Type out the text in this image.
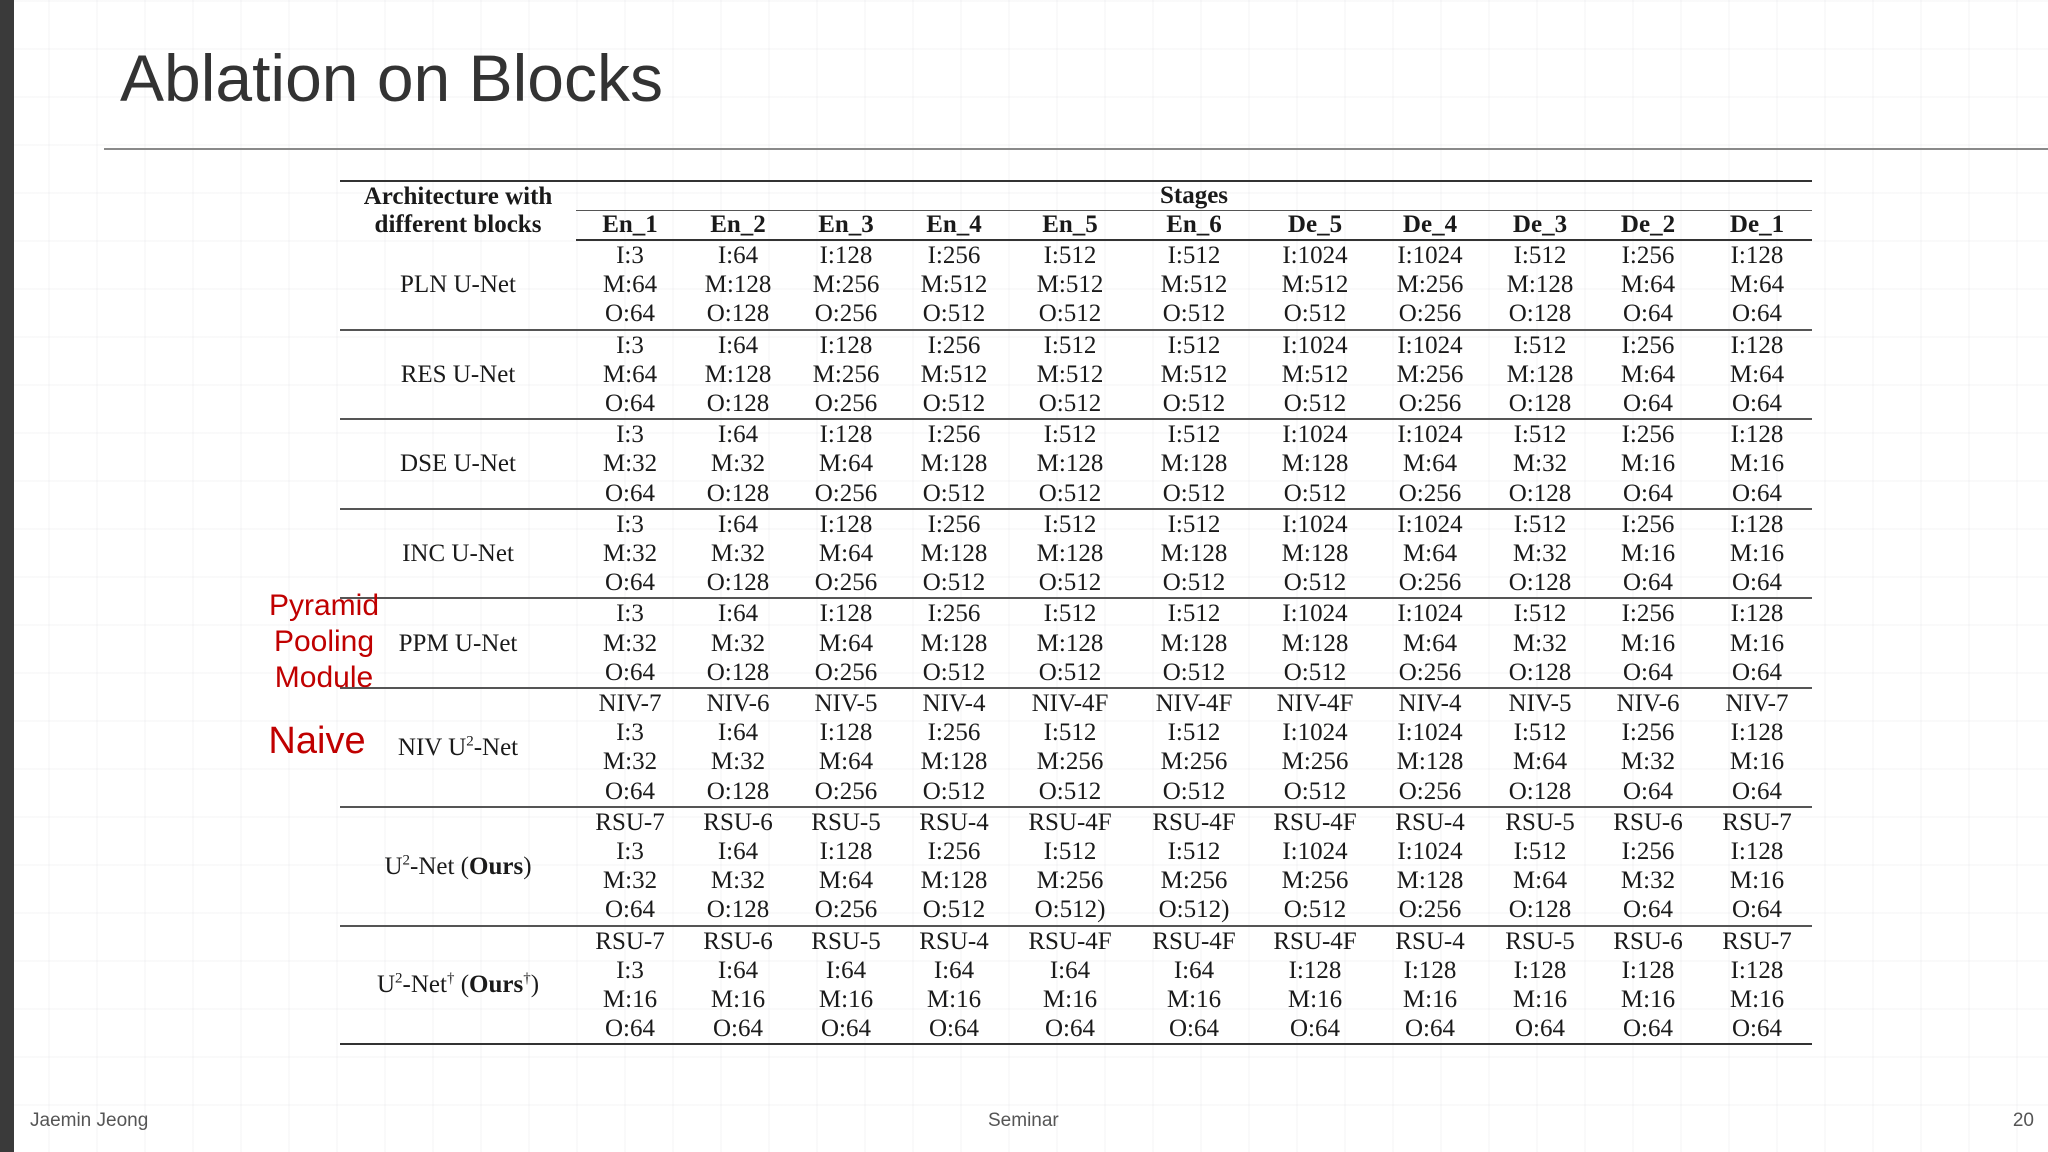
Ablation on Blocks
Architecture with
different blocks	Stages										
	En_1	En_2	En_3	En_4	En_5	En_6	De_5	De_4	De_3	De_2	De_1
PLN U-Net	I:3
M:64
O:64	I:64
M:128
O:128	I:128
M:256
O:256	I:256
M:512
O:512	I:512
M:512
O:512	I:512
M:512
O:512	I:1024
M:512
O:512	I:1024
M:256
O:256	I:512
M:128
O:128	I:256
M:64
O:64	I:128
M:64
O:64

RES U-Net	I:3
M:64
O:64	I:64
M:128
O:128	I:128
M:256
O:256	I:256
M:512
O:512	I:512
M:512
O:512	I:512
M:512
O:512	I:1024
M:512
O:512	I:1024
M:256
O:256	I:512
M:128
O:128	I:256
M:64
O:64	I:128
M:64
O:64

DSE U-Net	I:3
M:32
O:64	I:64
M:32
O:128	I:128
M:64
O:256	I:256
M:128
O:512	I:512
M:128
O:512	I:512
M:128
O:512	I:1024
M:128
O:512	I:1024
M:64
O:256	I:512
M:32
O:128	I:256
M:16
O:64	I:128
M:16
O:64

INC U-Net	I:3
M:32
O:64	I:64
M:32
O:128	I:128
M:64
O:256	I:256
M:128
O:512	I:512
M:128
O:512	I:512
M:128
O:512	I:1024
M:128
O:512	I:1024
M:64
O:256	I:512
M:32
O:128	I:256
M:16
O:64	I:128
M:16
O:64

PPM U-Net	I:3
M:32
O:64	I:64
M:32
O:128	I:128
M:64
O:256	I:256
M:128
O:512	I:512
M:128
O:512	I:512
M:128
O:512	I:1024
M:128
O:512	I:1024
M:64
O:256	I:512
M:32
O:128	I:256
M:16
O:64	I:128
M:16
O:64

NIV $U^2$-Net	NIV-7
I:3
M:32
O:64	NIV-6
I:64
M:32
O:128	NIV-5
I:128
M:64
O:256	NIV-4
I:256
M:128
O:512	NIV-4F
I:512
M:256
O:512	NIV-4F
I:512
M:256
O:512	NIV-4F
I:1024
M:256
O:512	NIV-4
I:1024
M:128
O:256	NIV-5
I:512
M:64
O:128	NIV-6
I:256
M:32
O:64	NIV-7
I:128
M:16
O:64

$U^2$-Net (Ours)	RSU-7
I:3
M:32
O:64	RSU-6
I:64
M:32
O:128	RSU-5
I:128
M:64
O:256	RSU-4
I:256
M:128
O:512	RSU-4F
I:512
M:256
O:512)	RSU-4F
I:512
M:256
O:512)	RSU-4F
I:1024
M:256
O:512	RSU-4
I:1024
M:128
O:256	RSU-5
I:512
M:64
O:128	RSU-6
I:256
M:32
O:64	RSU-7
I:128
M:16
O:64

$U^2-Net^\dagger$ (Ours†)	RSU-7
I:3
M:16
O:64	RSU-6
I:64
M:16
O:64	RSU-5
I:64
M:16
O:64	RSU-4
I:64
M:16
O:64	RSU-4F
I:64
M:16
O:64	RSU-4F
I:64
M:16
O:64	RSU-4F
I:128
M:16
O:64	RSU-4
I:128
M:16
O:64	RSU-5
I:128
M:16
O:64	RSU-6
I:128
M:16
O:64	RSU-7
I:128
M:16
O:64
Pyramid
Pooling
Module
Naive
Jaemin Jeong	Seminar	20
